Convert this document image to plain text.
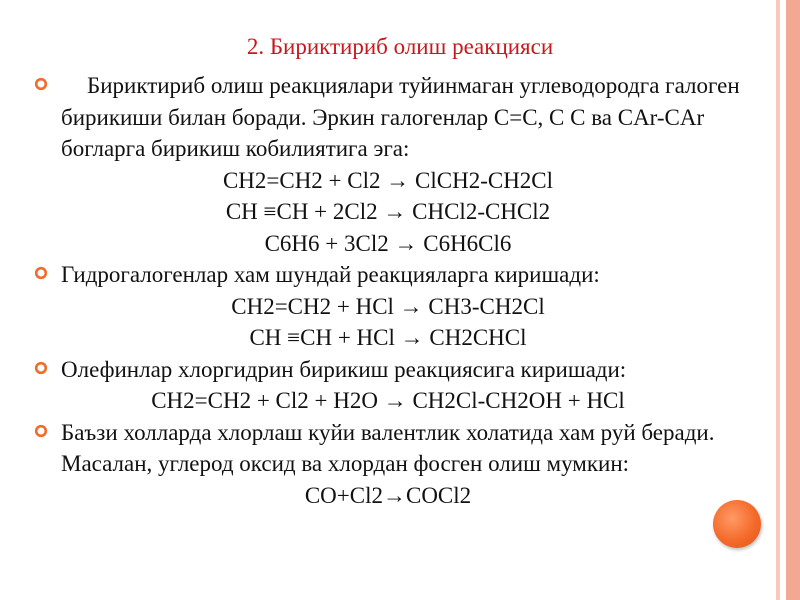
2. Бириктириб олиш реакцияси

Бириктириб олиш реакциялари туйинмаган углеводородга галоген бирикиши билан боради. Эркин галогенлар С=С, С С ва CAr-CAr богларга бирикиш кобилиятига эга:

CH2=CH2 + Cl2 → ClCH2-CH2Cl

CH ≡CH + 2Cl2 → CHCl2-CHCl2

C6H6 + 3Cl2 → C6H6Cl6

Гидрогалогенлар хам шундай реакцияларга киришади:

CH2=CH2 + HCl → CH3-CH2Cl

CH ≡CH + HCl → CH2CHCl

Олефинлар хлоргидрин бирикиш реакциясига киришади:

CH2=CH2 + Cl2 + H2O → CH2Cl-CH2OH + HCl

Баъзи холларда хлорлаш куйи валентлик холатида хам руй беради. Масалан, углерод оксид ва хлордан фосген олиш мумкин:

CO+Cl2→COCl2
